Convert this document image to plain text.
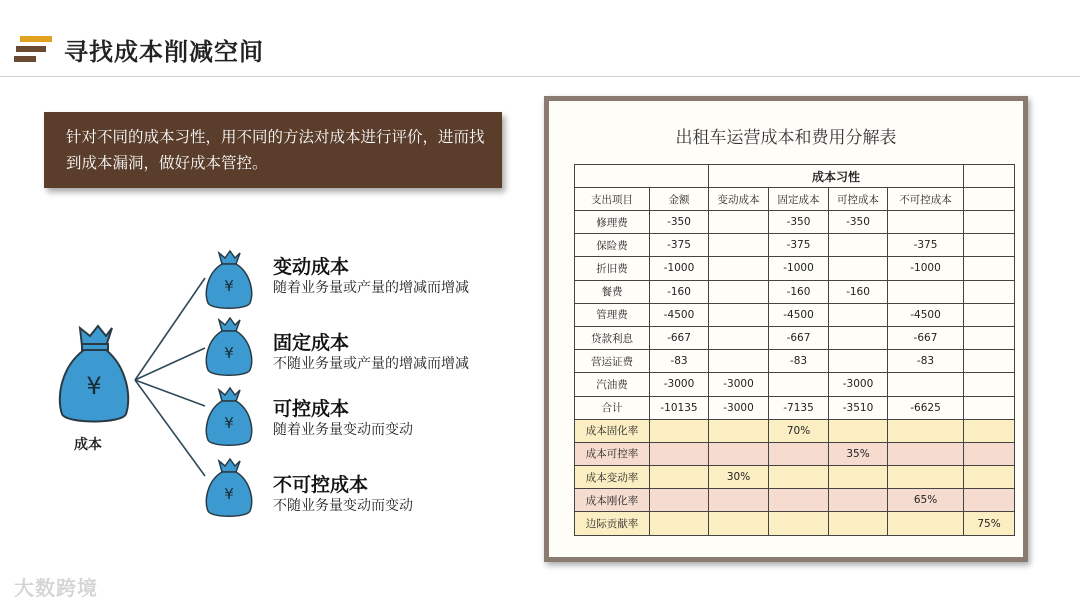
寻找成本削减空间
针对不同的成本习性，用不同的方法对成本进行评价，进而找到成本漏洞，做好成本管控。
¥
¥
¥
¥
¥
成本
变动成本
随着业务量或产量的增减而增减
固定成本
不随业务量或产量的增减而增减
可控成本
随着业务量变动而变动
不可控成本
不随业务量变动而变动
出租车运营成本和费用分解表
		成本习性				
支出项目	金额	变动成本	固定成本	可控成本	不可控成本	
修理费	-350		-350	-350		
保险费	-375		-375		-375	
折旧费	-1000		-1000		-1000	
餐费	-160		-160	-160		
管理费	-4500		-4500		-4500	
贷款利息	-667		-667		-667	
营运证费	-83		-83		-83	
汽油费	-3000	-3000		-3000		
合计	-10135	-3000	-7135	-3510	-6625	
成本固化率			70%			
成本可控率				35%		
成本变动率		30%				
成本刚化率					65%	
边际贡献率						75%
大数跨境
